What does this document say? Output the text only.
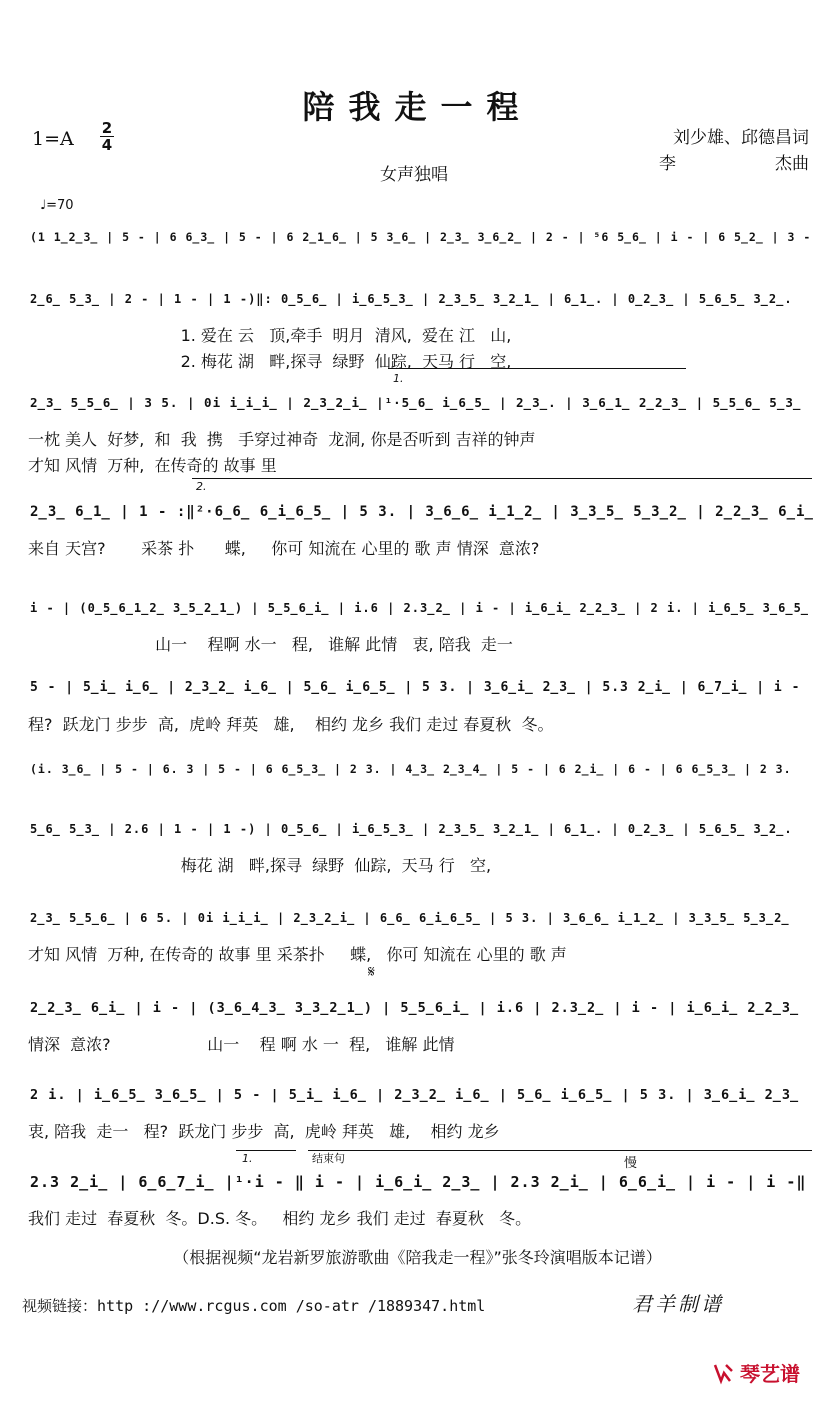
陪我走一程
1=A 2
4	刘少雄、邱德昌词
李	杰曲
女声独唱
♩=70
(1 1̲2̲3̲ | 5 - | 6 6̲3̲ | 5 - | 6 2̲1̲6̲ | 5 3̲6̲ | 2̲3̲ 3̲6̲2̲ | 2 - | ⁵6 5̲6̲ | i - | 6 5̲2̲ | 3 -
2̲6̲ 5̲3̲ | 2 - | 1 - | 1 -)‖: 0̲5̲6̲ | i̲6̲5̲3̲ | 2̲3̲5̲ 3̲2̲1̲ | 6̲1̲. | 0̲2̲3̲ | 5̲6̲5̲ 3̲2̲.
1. 爱在 云   顶,牵手  明月  清风,  爱在 江   山,
2. 梅花 湖   畔,探寻  绿野  仙踪,  天马 行   空,
2̲3̲ 5̲5̲6̲ | 3 5. | 0i i̲i̲i̲ | 2̲3̲2̲i̲ |¹·5̲6̲ i̲6̲5̲ | 2̲3̲. | 3̲6̲1̲ 2̲2̲3̲ | 5̲5̲6̲ 5̲3̲
一枕 美人  好梦,  和  我  携   手穿过神奇  龙洞, 你是否听到 吉祥的钟声
才知 风情  万种,  在传奇的 故事 里
2̲3̲ 6̲1̲ | 1 - :‖²·6̲6̲ 6̲i̲6̲5̲ | 5 3. | 3̲6̲6̲ i̲1̲2̲ | 3̲3̲5̲ 5̲3̲2̲ | 2̲2̲3̲ 6̲i̲
来自 天宫?       采茶 扑      蝶,     你可 知流在 心里的 歌 声 情深  意浓?
i - | (0̲5̲6̲1̲2̲ 3̲5̲2̲1̲) | 5̲5̲6̲i̲ | i.6 | 2.3̲2̲ | i - | i̲6̲i̲ 2̲2̲3̲ | 2 i. | i̲6̲5̲ 3̲6̲5̲
山一    程啊 水一   程,   谁解 此情   衷, 陪我  走一
5 - | 5̲i̲ i̲6̲ | 2̲3̲2̲ i̲6̲ | 5̲6̲ i̲6̲5̲ | 5 3. | 3̲6̲i̲ 2̲3̲ | 5.3 2̲i̲ | 6̲7̲i̲ | i -
程?  跃龙门 步步  高,  虎岭 拜英   雄,    相约 龙乡 我们 走过 春夏秋  冬。
(i. 3̲6̲ | 5 - | 6. 3 | 5 - | 6 6̲5̲3̲ | 2 3. | 4̲3̲ 2̲3̲4̲ | 5 - | 6 2̲i̲ | 6 - | 6 6̲5̲3̲ | 2 3.
5̲6̲ 5̲3̲ | 2.6 | 1 - | 1 -) | 0̲5̲6̲ | i̲6̲5̲3̲ | 2̲3̲5̲ 3̲2̲1̲ | 6̲1̲. | 0̲2̲3̲ | 5̲6̲5̲ 3̲2̲.
梅花 湖   畔,探寻  绿野  仙踪,  天马 行   空,
2̲3̲ 5̲5̲6̲ | 6 5. | 0i i̲i̲i̲ | 2̲3̲2̲i̲ | 6̲6̲ 6̲i̲6̲5̲ | 5 3. | 3̲6̲6̲ i̲1̲2̲ | 3̲3̲5̲ 5̲3̲2̲
才知 风情  万种, 在传奇的 故事 里 采茶扑     蝶,   你可 知流在 心里的 歌 声
2̲2̲3̲ 6̲i̲ | i - | (3̲6̲4̲3̲ 3̲3̲2̲1̲) | 5̲5̲6̲i̲ | i.6 | 2.3̲2̲ | i - | i̲6̲i̲ 2̲2̲3̲
情深  意浓?                   山一    程 啊 水 一  程,   谁解 此情
2 i. | i̲6̲5̲ 3̲6̲5̲ | 5 - | 5̲i̲ i̲6̲ | 2̲3̲2̲ i̲6̲ | 5̲6̲ i̲6̲5̲ | 5 3. | 3̲6̲i̲ 2̲3̲
衷, 陪我  走一   程?  跃龙门 步步  高,  虎岭 拜英   雄,    相约 龙乡
2.3 2̲i̲ | 6̲6̲7̲i̲ |¹·i - ‖ i - | i̲6̲i̲ 2̲3̲ | 2.3 2̲i̲ | 6̲6̲i̲ | i - | i -‖
我们 走过  春夏秋  冬。D.S. 冬。   相约 龙乡 我们 走过  春夏秋   冬。
1.
2.
1.	结束句	慢
𝄋
（根据视频“龙岩新罗旅游歌曲《陪我走一程》”张冬玲演唱版本记谱）
视频链接：http ://www.rcgus.com /so-atr /1889347.html	君羊制谱
琴艺谱
